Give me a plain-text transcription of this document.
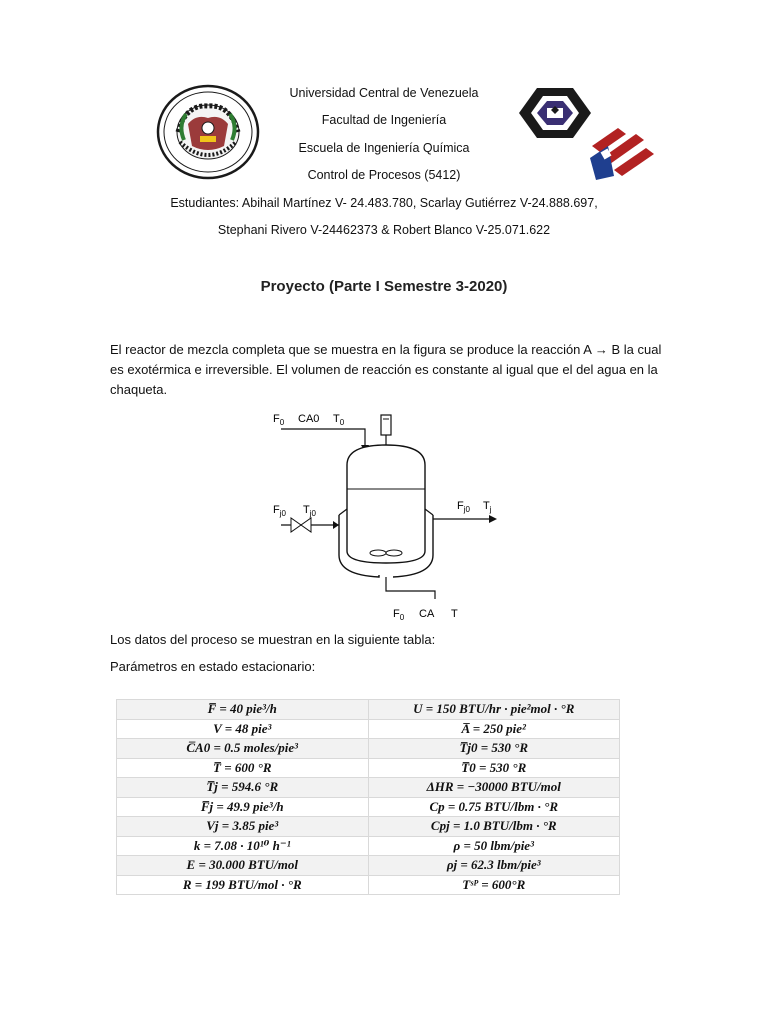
Universidad Central de Venezuela
Facultad de Ingeniería
Escuela de Ingeniería Química
Control de Procesos (5412)
Estudiantes: Abihail Martínez V- 24.483.780, Scarlay Gutiérrez V-24.888.697,
Stephani Rivero V-24462373 & Robert Blanco V-25.071.622
Proyecto (Parte I Semestre 3-2020)
El reactor de mezcla completa que se muestra en la figura se produce la reacción A → B la cual es exotérmica e irreversible. El volumen de reacción es constante al igual que el del agua en la chaqueta.
$F_0$ CA0 $T_0$
$F_{j0}$ $T_{j0}$
$F_{j0}$ $T_j$
$F_0$ CA T
Los datos del proceso se muestran en la siguiente tabla:
Parámetros en estado estacionario:
F̅ = 40 pie³/h	U = 150 BTU/hr · pie²mol · °R
V = 48 pie³	A̅ = 250 pie²
C̅A0 = 0.5 moles/pie³	T̅j0 = 530 °R
T̅ = 600 °R	T̅0 = 530 °R
T̅j = 594.6 °R	ΔHR = −30000 BTU/mol
F̅j = 49.9 pie³/h	Cp = 0.75 BTU/lbm · °R
Vj = 3.85 pie³	Cpj = 1.0 BTU/lbm · °R
k = 7.08 · 10¹⁰ h⁻¹	ρ = 50 lbm/pie³
E = 30.000 BTU/mol	ρj = 62.3 lbm/pie³
R = 199 BTU/mol · °R	Tˢᴾ = 600°R
